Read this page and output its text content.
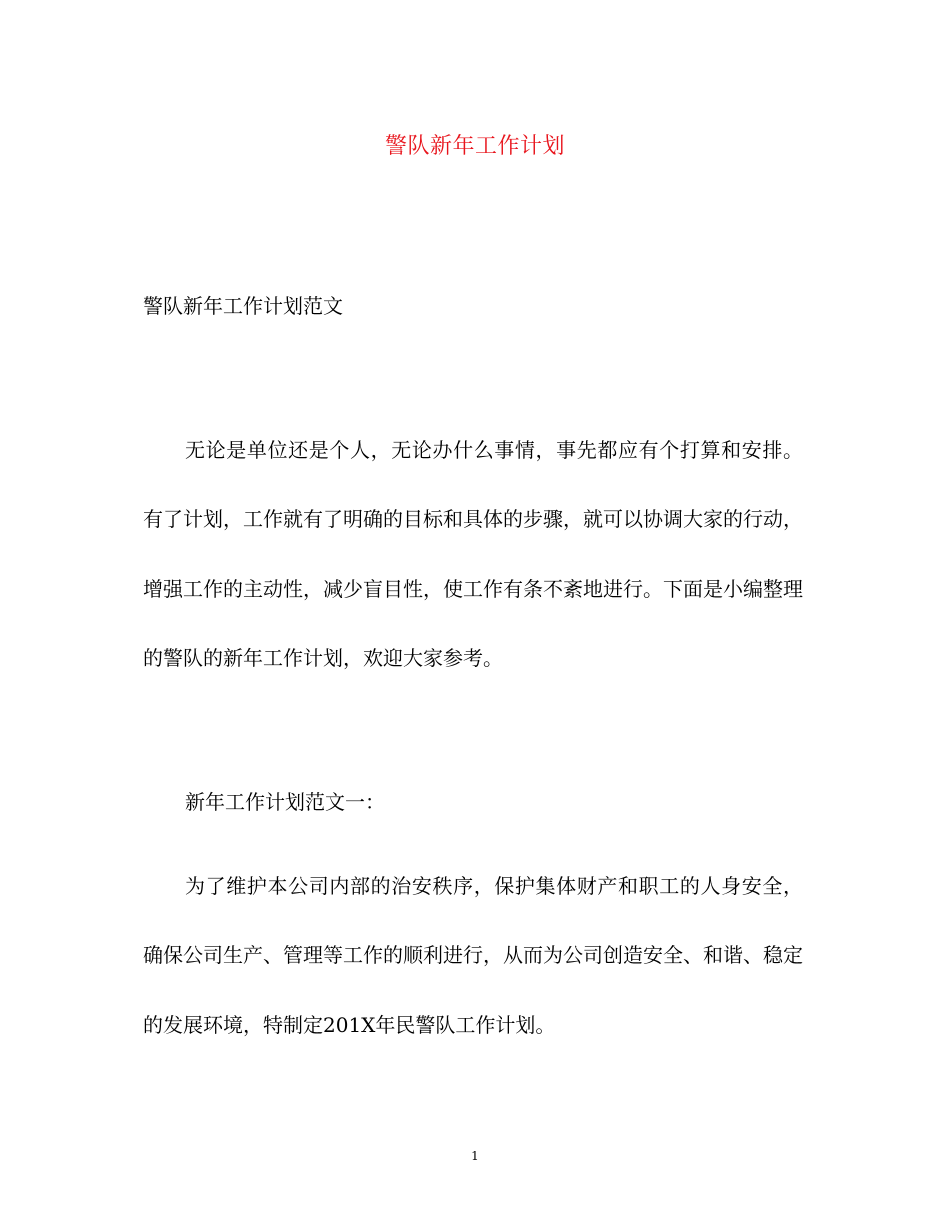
警队新年工作计划
警队新年工作计划范文

无论是单位还是个人，无论办什么事情，事先都应有个打算和安排。有了计划，工作就有了明确的目标和具体的步骤，就可以协调大家的行动，增强工作的主动性，减少盲目性，使工作有条不紊地进行。下面是小编整理的警队的新年工作计划，欢迎大家参考。

新年工作计划范文一：

为了维护本公司内部的治安秩序，保护集体财产和职工的人身安全，确保公司生产、管理等工作的顺利进行，从而为公司创造安全、和谐、稳定的发展环境，特制定201X年民警队工作计划。

1
